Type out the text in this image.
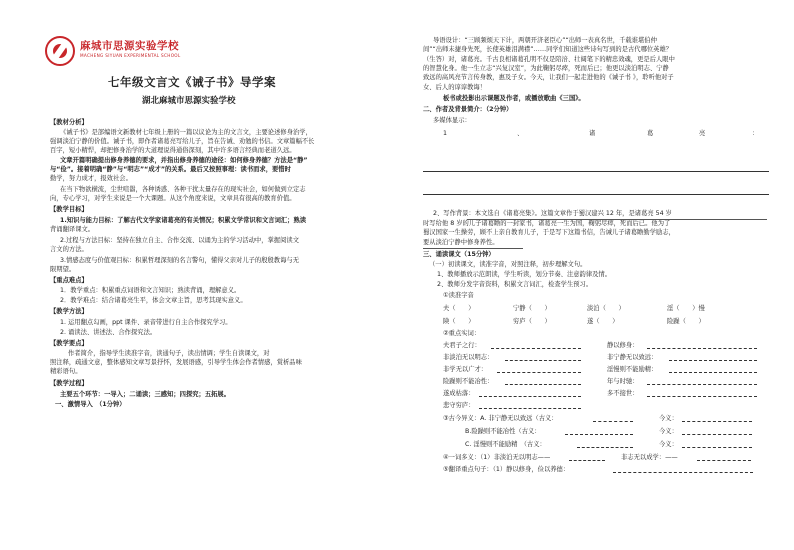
麻城市思源实验学校
MACHENG SIYUAN EXPERIMENTAL SCHOOL
七年级文言文《诫子书》导学案
湖北麻城市思源实验学校
【教材分析】
《诫子书》是部编语文新教材七年级上册的一篇以议论为主的文言文，主要论述修身治学，
强调淡泊宁静的价值。诫子书，即作者诸葛亮写给儿子，旨在告诫、劝勉的书信。文章篇幅不长
百字，短小精悍，却把修身治学的大道理说得通俗深刻，其中许多语言经典而老道久远。
文章开篇明确提出修身养德的要求，并指出修身养德的途径：如何修身养德？方法是“静”
与“俭”。接着明确“静”与“明志”“成才”的关系。最后又按照事理：读书而求，要惜时
勤学，努力成才，报效社会。
在当下物欲横流，尘世喧嚣，各种诱惑、各种干扰太量存在的现实社会，如何做到立定志
向，专心学习，对学生来说是一个大课题。从这个角度来说，文章具有很高的教育价值。
【教学目标】
1.知识与能力目标：了解古代文学家诸葛亮的有关情况；积累文学常识和文言词汇；熟读
背诵翻译课文。
2.过程与方法目标：坚持在独立自主、合作交流、以诵为主的学习活动中，掌握阅读文
言文的方法。
3.情感态度与价值观目标：积累哲理深刻的名言警句，懂得父亲对儿子的殷殷教诲与无
限期望。
【重点难点】
1．教学重点：积累重点词语和文言知识；熟读背诵，理解意义。
2．教学难点：结合诸葛亮生平，体会文章主旨，思考其现实意义。
【教学方法】
1. 运用翻点勾画，ppt 课件、录音带进行自主合作探究学习。
2. 诵读法、讲述法、合作探究法。
【教学要点】
作者简介，指导学生读准字音，读通句子，读出情调；学生自读课文，对
照注释，疏通文意，整体感知文章写景抒怀，发展语感，引导学生体会作者情感，赏析品味
精彩语句。
【教学过程】
主要五个环节：一导入；二诵读；三感知；四探究；五拓展。
一、激情导入　（1分钟）
导语设计：“三顾频烦天下计，两朝开济老臣心”“出师一表真名世，千载谁堪伯仲
间”“出师未捷身先死，长使英雄泪满襟”……同学们知道这些诗句写到的是古代哪位英雄？
（生答）对，诸葛亮。千古良相诸葛孔明不仅是陪涪、壮阔笔下的精忠效魂，更是后人眼中
的智慧化身。他一生立志“兴复汉室”，为此鞠躬尽瘁，死而后已；他更以淡泊明志、宁静
致远的高风亮节言传身教，惠及子女。今天，让我们一起走进他的《诫子书 》，聆听他对子
女、后人的谆谆教诲！
板书或投影出示课题及作者，或播放歌曲《三国》。
二、作者及背景简介：（2分钟）
多媒体显示：
1	、	诸	葛	亮	：
2、写作背景：本文选自《诸葛亮集》。这篇文章作于蜀汉建兴 12 年，是诸葛亮 54 岁
时写给他 8 岁的儿子诸葛瞻的一封家书，诸葛亮一生为国，鞠躬尽瘁，死而后已。他为了
蜀汉国家一生操劳，顾不上亲自教育儿子，于是写下这篇书信，告诫儿子诸葛瞻勤学励志，
要从淡泊宁静中修身养性。
三、诵读课文（15分钟）
（一）初读课文，读准字音，对照注释，初步理解文句。
1、教师播放示范朗读，学生听读，划分节奏、注意韵律及情。
2、教师分发字音资料，积累文言词汇，检查学生预习。
①读准字音
夫（　　）	宁静（　　）	淡泊（　　）	淫（　　）慢
険（　　）	穷庐（　　）	遂（　　）	险躁（　　）
②重点实词：
夫君子之行：	静以修身：
非淡泊无以明志：	非宁静无以致远：
非学无以广才：	淫慢则不能励精：
险躁则不能冶性：	年与时驰：
遂成枯落：	多不接世：
悲守穷庐：
③古今异义：A. 非宁静无以致远（古义：	今义：
B.险躁则不能冶性（古义：	今义：
C. 淫慢则不能励精　（古义：	今义：
④一词多义：（1）非淡泊无以明志——	非志无以成学：——
⑤翻译重点句子：（1）静以修身，俭以养德：
